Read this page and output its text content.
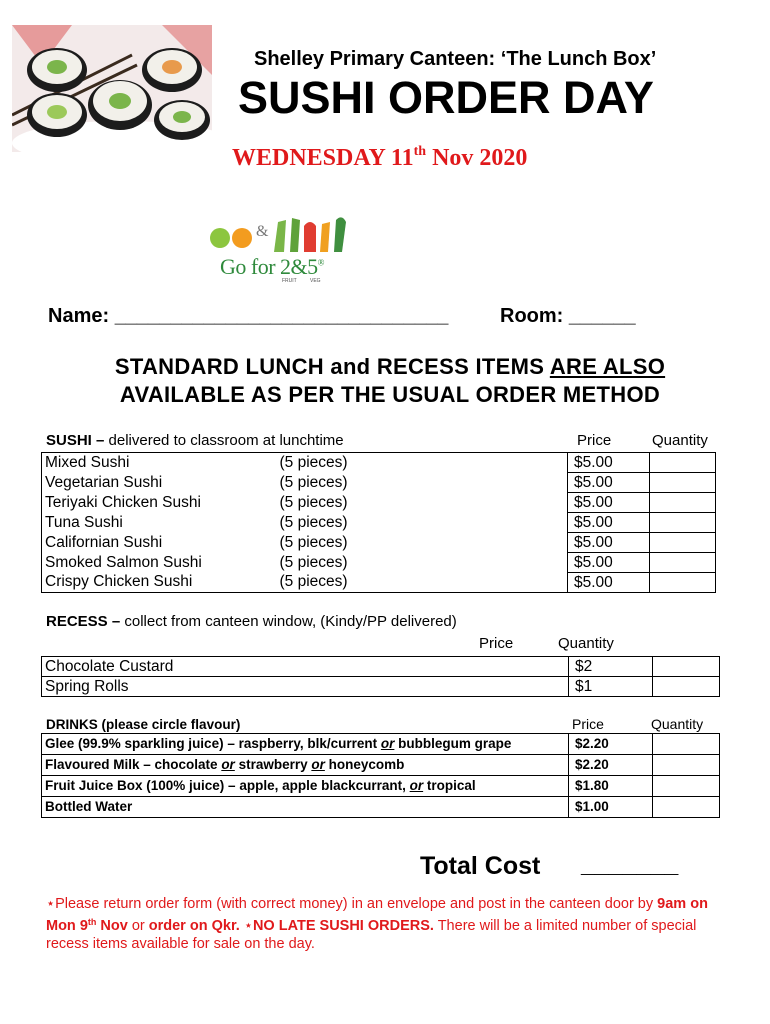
Shelley Primary Canteen: ‘The Lunch Box’
SUSHI ORDER DAY
WEDNESDAY 11th Nov 2020
&
Go for 2&5®
FRUIT	VEG
Name: ______________________________	Room: ______
STANDARD LUNCH and RECESS ITEMS ARE ALSO
AVAILABLE AS PER THE USUAL ORDER METHOD
SUSHI – delivered to classroom at lunchtime	Price	Quantity
Mixed Sushi	(5 pieces)	$5.00	
Vegetarian Sushi	(5 pieces)	$5.00	
Teriyaki Chicken Sushi	(5 pieces)	$5.00	
Tuna Sushi	(5 pieces)	$5.00	
Californian Sushi	(5 pieces)	$5.00	
Smoked Salmon Sushi	(5 pieces)	$5.00	
Crispy Chicken Sushi	(5 pieces)	$5.00	
RECESS – collect from canteen window, (Kindy/PP delivered)
Price	Quantity
Chocolate Custard	$2	
Spring Rolls	$1	
DRINKS (please circle flavour)	Price	Quantity
Glee (99.9% sparkling juice) – raspberry, blk/current or bubblegum grape	$2.20	
Flavoured Milk – chocolate or strawberry or honeycomb	$2.20	
Fruit Juice Box (100% juice) – apple, apple blackcurrant, or tropical	$1.80	
Bottled Water	$1.00	
Total Cost _______
⋆Please return order form (with correct money) in an envelope and post in the canteen door by 9am on Mon 9th Nov or order on Qkr. ⋆NO LATE SUSHI ORDERS. There will be a limited number of special recess items available for sale on the day.
